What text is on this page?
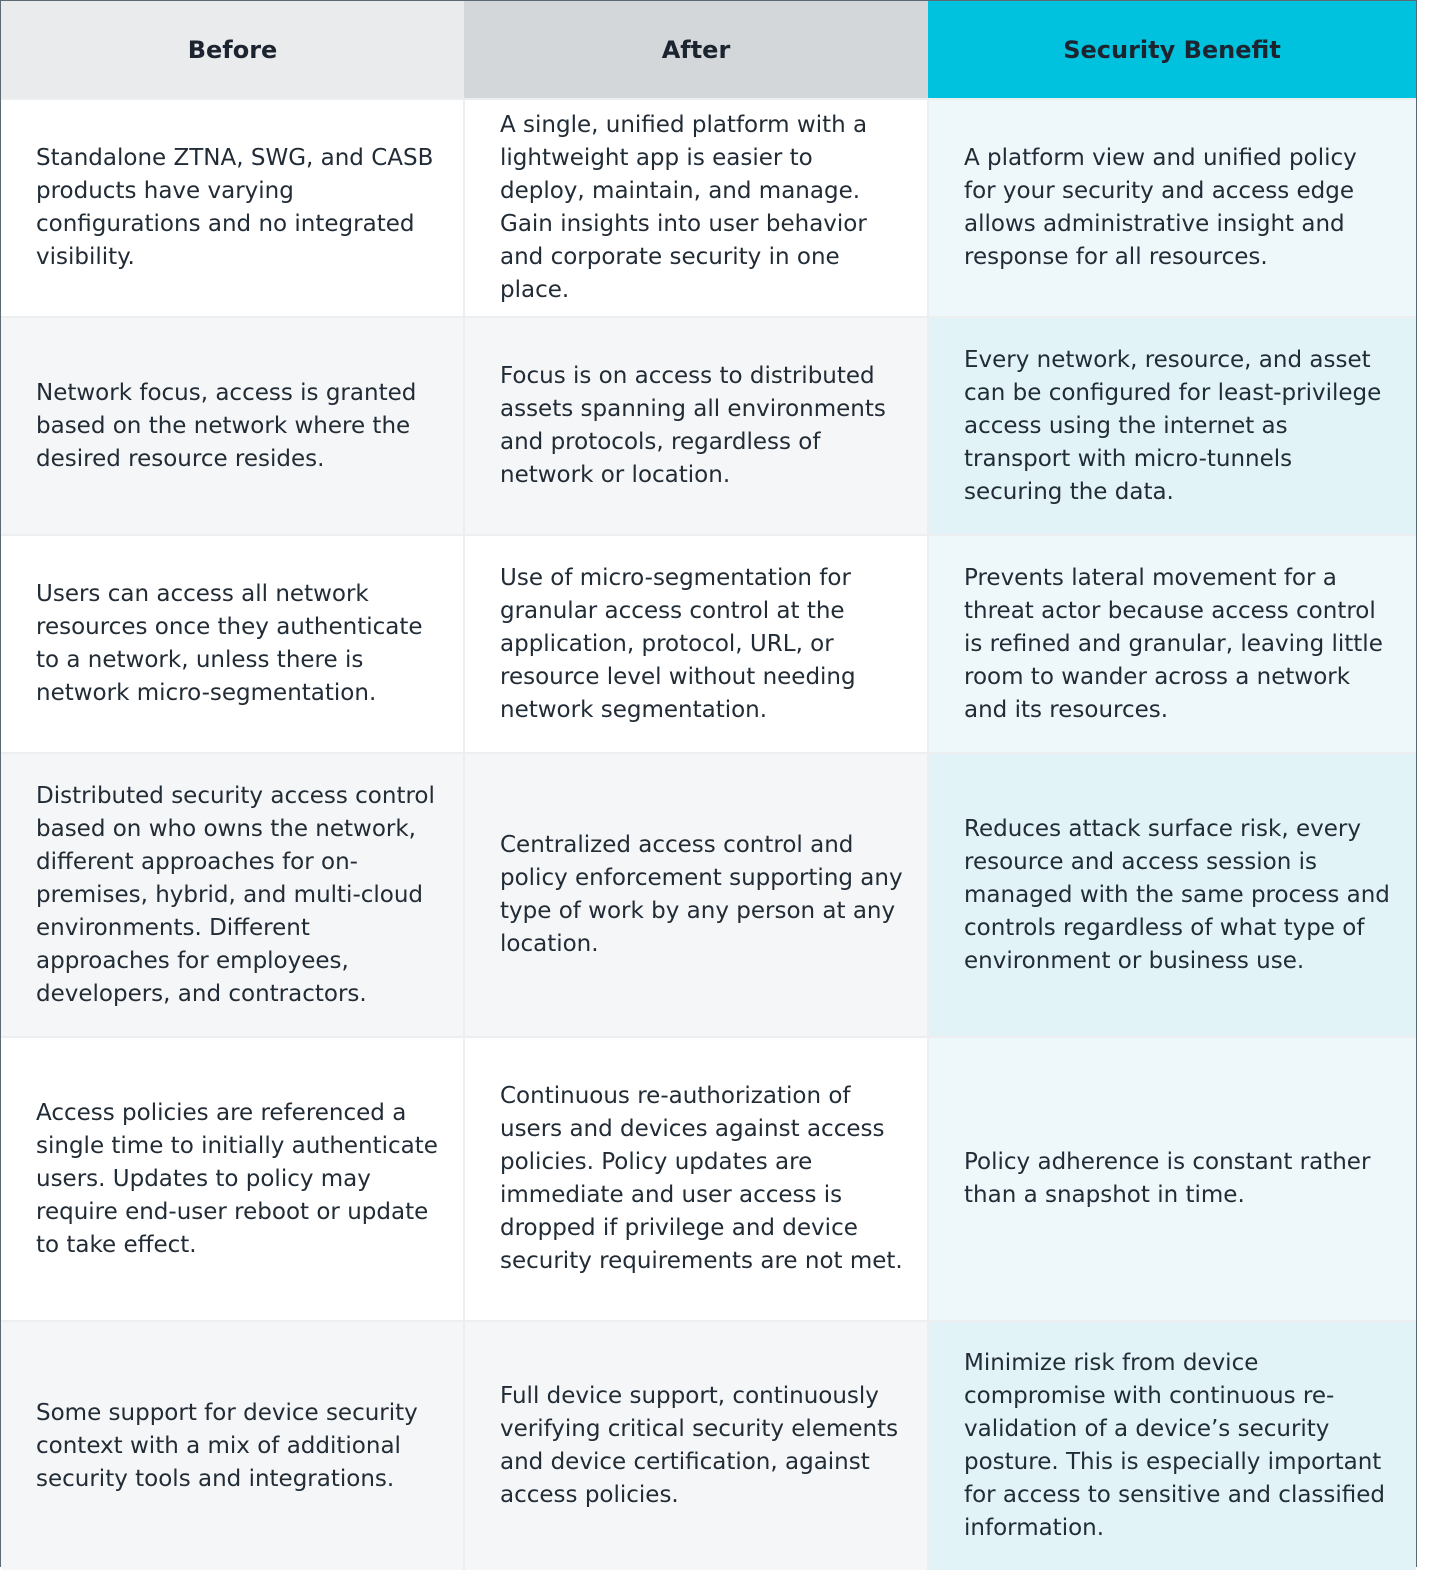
Before	After	Security Benefit
Standalone ZTNA, SWG, and CASB products have varying configurations and no integrated visibility.	A single, unified platform with a lightweight app is easier to deploy, maintain, and manage. Gain insights into user behavior and corporate security in one place.	A platform view and unified policy for your security and access edge allows administrative insight and response for all resources.
Network focus, access is granted based on the network where the desired resource resides.	Focus is on access to distributed assets spanning all environments and protocols, regardless of network or location.	Every network, resource, and asset can be configured for least-privilege access using the internet as transport with micro-tunnels securing the data.
Users can access all network resources once they authenticate to a network, unless there is network micro-segmentation.	Use of micro-segmentation for granular access control at the application, protocol, URL, or resource level without needing network segmentation.	Prevents lateral movement for a threat actor because access control is refined and granular, leaving little room to wander across a network and its resources.
Distributed security access control based on who owns the network, different approaches for on-premises, hybrid, and multi-cloud environments. Different approaches for employees, developers, and contractors.	Centralized access control and policy enforcement supporting any type of work by any person at any location.	Reduces attack surface risk, every resource and access session is managed with the same process and controls regardless of what type of environment or business use.
Access policies are referenced a single time to initially authenticate users. Updates to policy may require end-user reboot or update to take effect.	Continuous re-authorization of users and devices against access policies. Policy updates are immediate and user access is dropped if privilege and device security requirements are not met.	Policy adherence is constant rather than a snapshot in time.
Some support for device security context with a mix of additional security tools and integrations.	Full device support, continuously verifying critical security elements and device certification, against access policies.	Minimize risk from device compromise with continuous re-validation of a device’s security posture. This is especially important for access to sensitive and classified information.
